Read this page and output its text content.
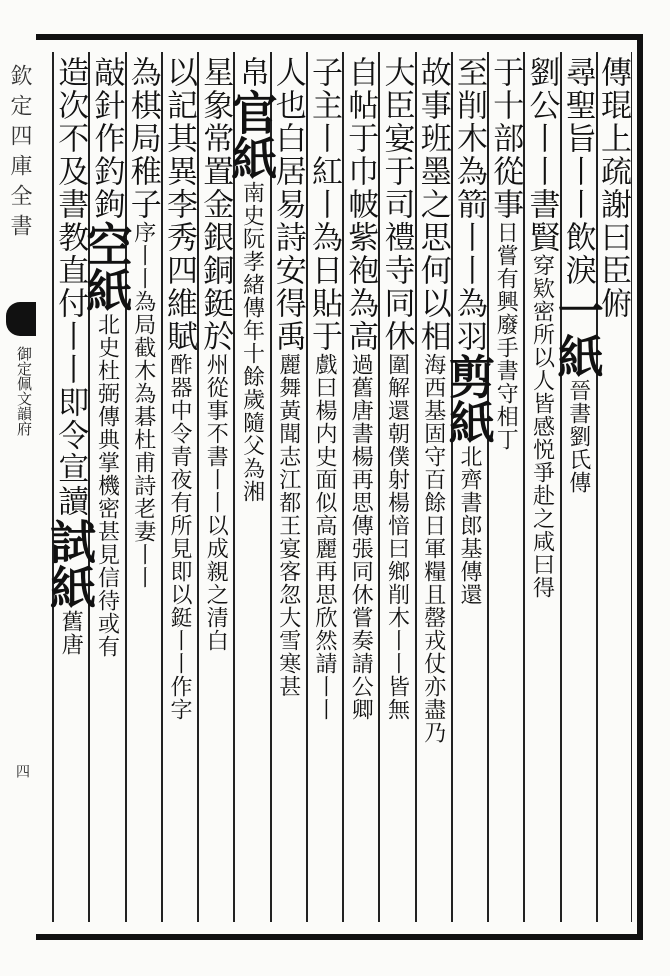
欽定四庫全書
御定佩文韻府
四
傳琨上疏謝曰臣俯
尋聖旨丨丨飲淚一紙晉書劉氏傳
劉公丨丨書賢穿欵密所以人皆感悦爭赴之咸曰得
于十部從事日嘗有興廢手書守相丁
至削木為箭丨丨為羽剪紙北齊書郎基傳還
故事班墨之思何以相海西基固守百餘日軍糧且罄戎仗亦盡乃
大臣宴于司禮寺同休圍解還朝僕射楊愔曰鄉削木丨丨皆無
自帖于巾帔紫袍為高過舊唐書楊再思傳張同休嘗奏請公卿
子主丨紅丨為日貼于戲曰楊内史面似高麗再思欣然請丨丨
人也白居易詩安得禹麗舞黃聞志江都王宴客忽大雪寒甚
帛官紙南史阮孝緒傳年十餘歲隨父為湘
星象常置金銀銅鋌於州從事不書丨丨以成親之清白
以記其異李秀四維賦酢器中令青夜有所見即以鋌丨丨作字
為棋局稚子序丨丨為局截木為碁杜甫詩老妻丨丨
敲針作釣鉤空紙北史杜弼傳典掌機密甚見信待或有
造次不及書教直付丨丨即令宣讀試紙舊唐
